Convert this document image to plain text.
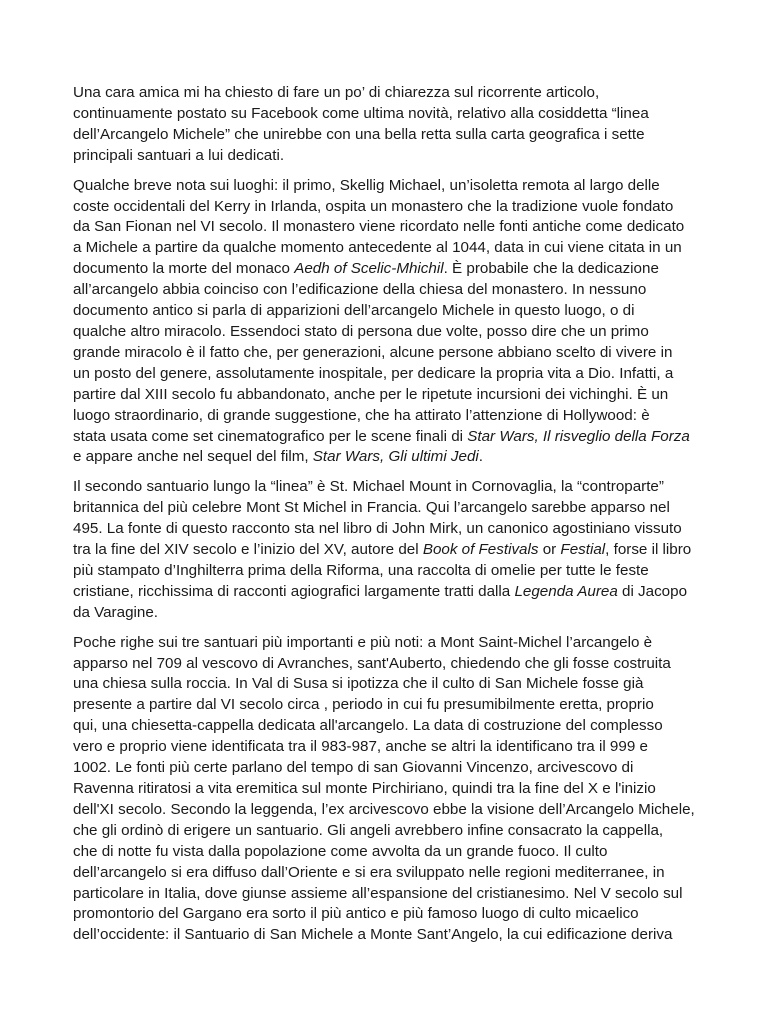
Una cara amica mi ha chiesto di fare un po’ di chiarezza sul ricorrente articolo,
continuamente postato su Facebook come ultima novità, relativo alla cosiddetta “linea
dell’Arcangelo Michele” che unirebbe con una bella retta sulla carta geografica i sette
principali santuari a lui dedicati.

Qualche breve nota sui luoghi: il primo, Skellig Michael, un’isoletta remota al largo delle
coste occidentali del Kerry in Irlanda, ospita un monastero che la tradizione vuole fondato
da San Fionan nel VI secolo. Il monastero viene ricordato nelle fonti antiche come dedicato
a Michele a partire da qualche momento antecedente al 1044, data in cui viene citata in un
documento la morte del monaco Aedh of Scelic-Mhichil. È probabile che la dedicazione
all’arcangelo abbia coinciso con l’edificazione della chiesa del monastero. In nessuno
documento antico si parla di apparizioni dell’arcangelo Michele in questo luogo, o di
qualche altro miracolo. Essendoci stato di persona due volte, posso dire che un primo
grande miracolo è il fatto che, per generazioni, alcune persone abbiano scelto di vivere in
un posto del genere, assolutamente inospitale, per dedicare la propria vita a Dio. Infatti, a
partire dal XIII secolo fu abbandonato, anche per le ripetute incursioni dei vichinghi. È un
luogo straordinario, di grande suggestione, che ha attirato l’attenzione di Hollywood: è
stata usata come set cinematografico per le scene finali di Star Wars, Il risveglio della Forza
e appare anche nel sequel del film, Star Wars, Gli ultimi Jedi.

Il secondo santuario lungo la “linea” è St. Michael Mount in Cornovaglia, la “controparte”
britannica del più celebre Mont St Michel in Francia. Qui l’arcangelo sarebbe apparso nel
495. La fonte di questo racconto sta nel libro di John Mirk, un canonico agostiniano vissuto
tra la fine del XIV secolo e l’inizio del XV, autore del Book of Festivals or Festial, forse il libro
più stampato d’Inghilterra prima della Riforma, una raccolta di omelie per tutte le feste
cristiane, ricchissima di racconti agiografici largamente tratti dalla Legenda Aurea di Jacopo
da Varagine.

Poche righe sui tre santuari più importanti e più noti: a Mont Saint-Michel l’arcangelo è
apparso nel 709 al vescovo di Avranches, sant'Auberto, chiedendo che gli fosse costruita
una chiesa sulla roccia. In Val di Susa si ipotizza che il culto di San Michele fosse già
presente a partire dal VI secolo circa , periodo in cui fu presumibilmente eretta, proprio
qui, una chiesetta-cappella dedicata all'arcangelo. La data di costruzione del complesso
vero e proprio viene identificata tra il 983-987, anche se altri la identificano tra il 999 e
1002. Le fonti più certe parlano del tempo di san Giovanni Vincenzo, arcivescovo di
Ravenna ritiratosi a vita eremitica sul monte Pirchiriano, quindi tra la fine del X e l'inizio
dell'XI secolo. Secondo la leggenda, l’ex arcivescovo ebbe la visione dell’Arcangelo Michele,
che gli ordinò di erigere un santuario. Gli angeli avrebbero infine consacrato la cappella,
che di notte fu vista dalla popolazione come avvolta da un grande fuoco. Il culto
dell’arcangelo si era diffuso dall’Oriente e si era sviluppato nelle regioni mediterranee, in
particolare in Italia, dove giunse assieme all’espansione del cristianesimo. Nel V secolo sul
promontorio del Gargano era sorto il più antico e più famoso luogo di culto micaelico
dell’occidente: il Santuario di San Michele a Monte Sant’Angelo, la cui edificazione deriva
